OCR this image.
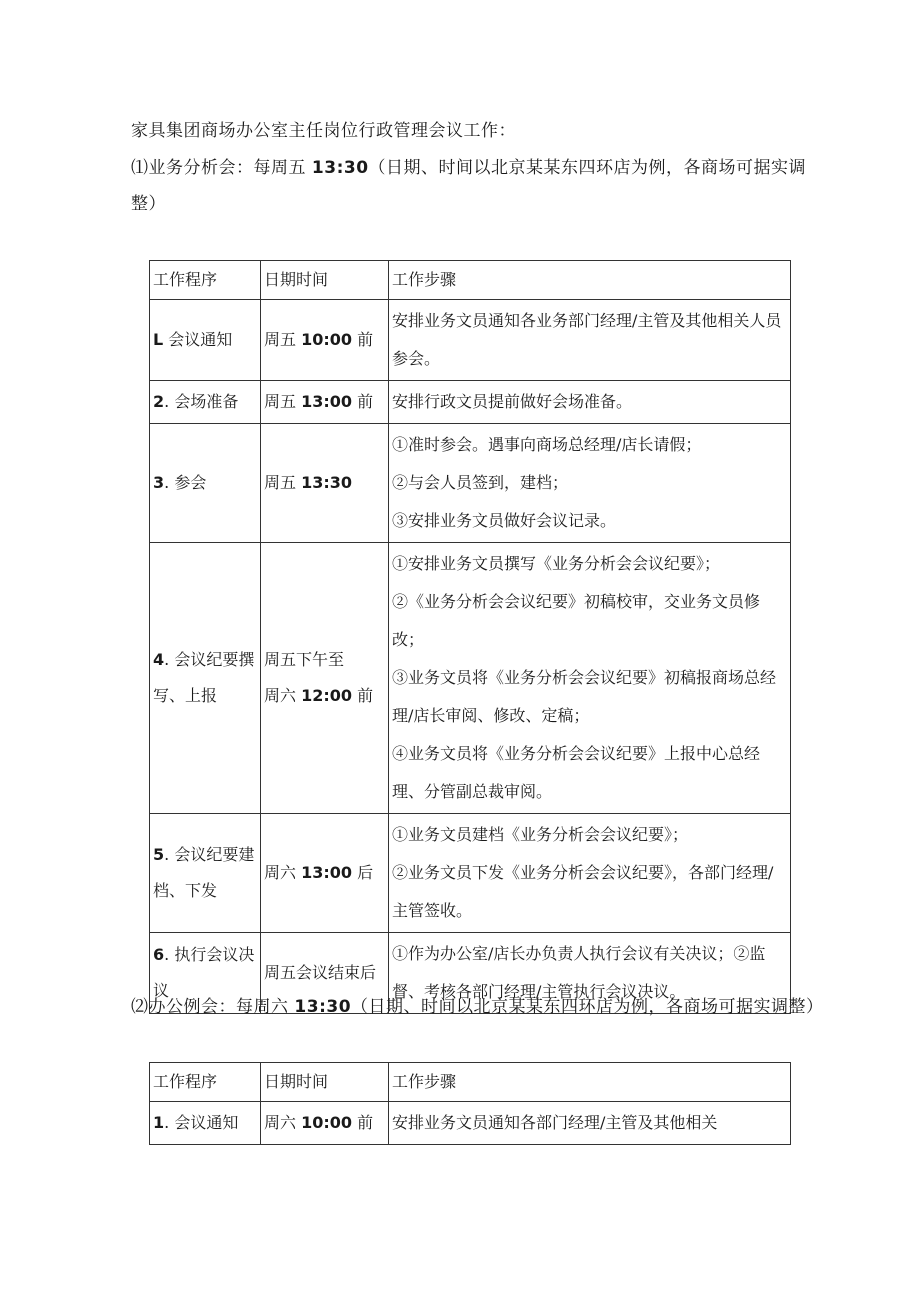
家具集团商场办公室主任岗位行政管理会议工作：
⑴业务分析会：每周五 13:30（日期、时间以北京某某东四环店为例，各商场可据实调
整）
工作程序	日期时间	工作步骤
L 会议通知	周五 10:00 前	安排业务文员通知各业务部门经理/主管及其他相关人员参会。
2. 会场准备	周五 13:00 前	安排行政文员提前做好会场准备。
3. 参会	周五 13:30	①准时参会。遇事向商场总经理/店长请假；
②与会人员签到，建档；
③安排业务文员做好会议记录。
4. 会议纪要撰写、上报	周五下午至
周六 12:00 前	①安排业务文员撰写《业务分析会会议纪要》；
②《业务分析会会议纪要》初稿校审，交业务文员修改；
③业务文员将《业务分析会会议纪要》初稿报商场总经理/店长审阅、修改、定稿；
④业务文员将《业务分析会会议纪要》上报中心总经理、分管副总裁审阅。
5. 会议纪要建档、下发	周六 13:00 后	①业务文员建档《业务分析会会议纪要》；
②业务文员下发《业务分析会会议纪要》，各部门经理/主管签收。
6. 执行会议决议	周五会议结束后	①作为办公室/店长办负责人执行会议有关决议；②监督、考核各部门经理/主管执行会议决议。
⑵办公例会：每周六 13:30（日期、时间以北京某某东四环店为例，各商场可据实调整）
工作程序	日期时间	工作步骤
1. 会议通知	周六 10:00 前	安排业务文员通知各部门经理/主管及其他相关
